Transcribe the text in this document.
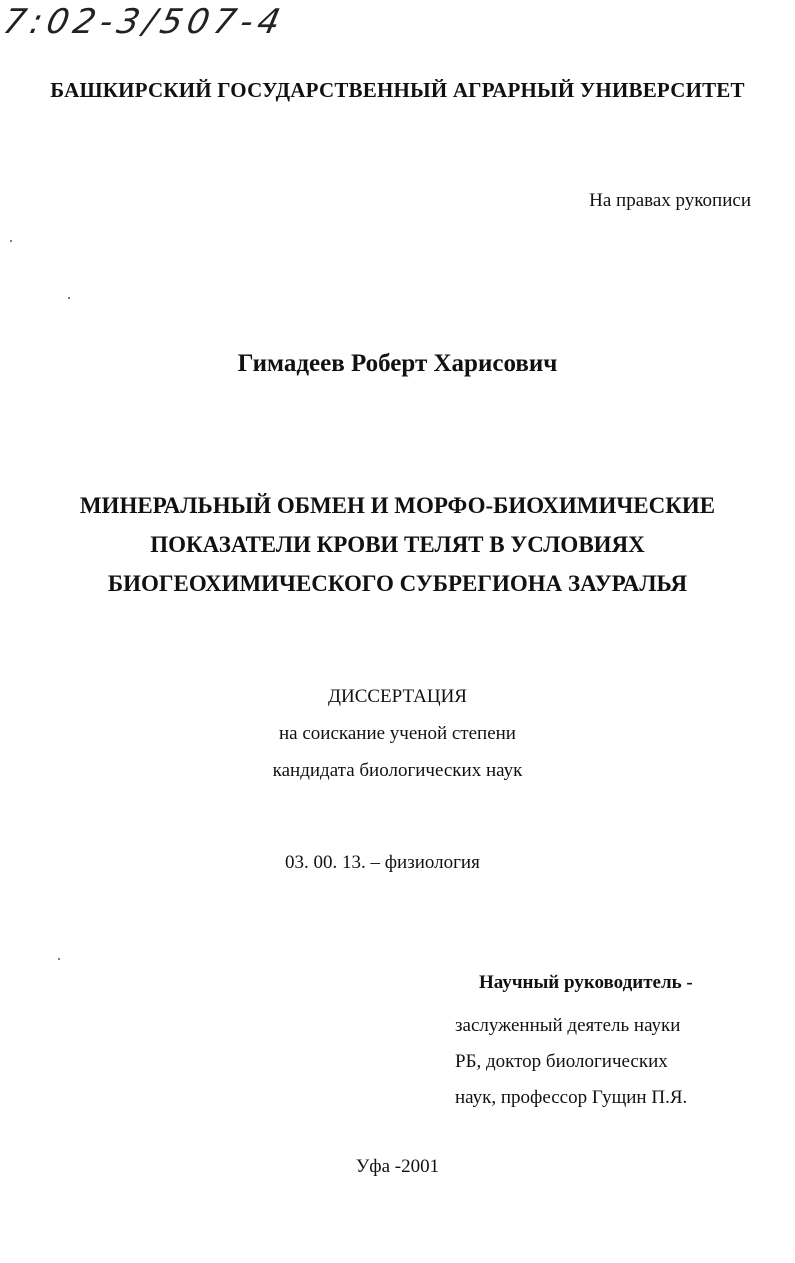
7:02-3/507-4
БАШКИРСКИЙ ГОСУДАРСТВЕННЫЙ АГРАРНЫЙ УНИВЕРСИТЕТ
На правах рукописи
Гимадеев Роберт Харисович
МИНЕРАЛЬНЫЙ ОБМЕН И МОРФО-БИОХИМИЧЕСКИЕ
ПОКАЗАТЕЛИ КРОВИ ТЕЛЯТ В УСЛОВИЯХ
БИОГЕОХИМИЧЕСКОГО СУБРЕГИОНА ЗАУРАЛЬЯ
ДИССЕРТАЦИЯ
на соискание ученой степени
кандидата биологических наук
03. 00. 13. – физиология
Научный руководитель -
заслуженный деятель науки
РБ, доктор биологических
наук, профессор Гущин П.Я.
Уфа -2001
